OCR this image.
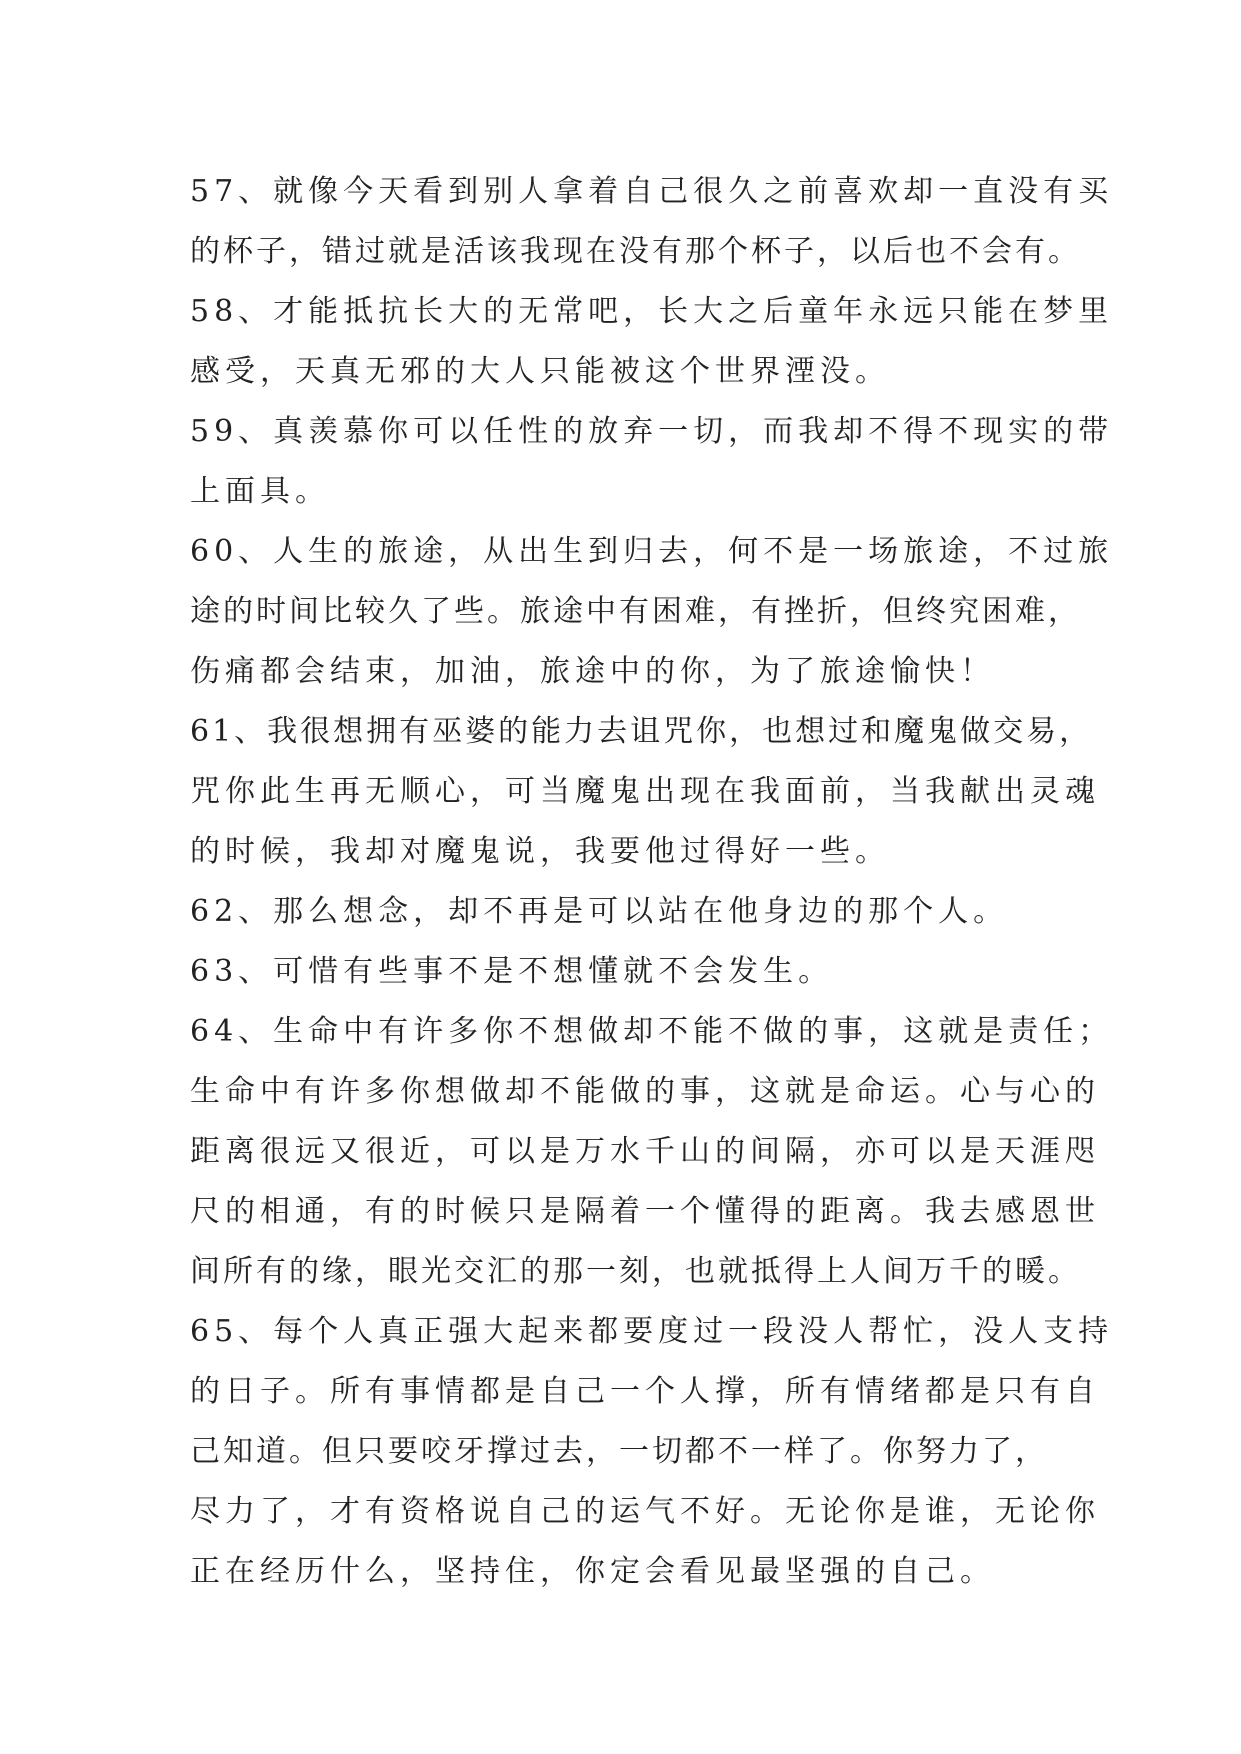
57、就像今天看到别人拿着自己很久之前喜欢却一直没有买
的杯子，错过就是活该我现在没有那个杯子，以后也不会有。
58、才能抵抗长大的无常吧，长大之后童年永远只能在梦里
感受，天真无邪的大人只能被这个世界湮没。
59、真羡慕你可以任性的放弃一切，而我却不得不现实的带
上面具。
60、人生的旅途，从出生到归去，何不是一场旅途，不过旅
途的时间比较久了些。旅途中有困难，有挫折，但终究困难，
伤痛都会结束，加油，旅途中的你，为了旅途愉快！
61、我很想拥有巫婆的能力去诅咒你，也想过和魔鬼做交易，
咒你此生再无顺心，可当魔鬼出现在我面前，当我献出灵魂
的时候，我却对魔鬼说，我要他过得好一些。
62、那么想念，却不再是可以站在他身边的那个人。
63、可惜有些事不是不想懂就不会发生。
64、生命中有许多你不想做却不能不做的事，这就是责任；
生命中有许多你想做却不能做的事，这就是命运。心与心的
距离很远又很近，可以是万水千山的间隔，亦可以是天涯咫
尺的相通，有的时候只是隔着一个懂得的距离。我去感恩世
间所有的缘，眼光交汇的那一刻，也就抵得上人间万千的暖。
65、每个人真正强大起来都要度过一段没人帮忙，没人支持
的日子。所有事情都是自己一个人撑，所有情绪都是只有自
己知道。但只要咬牙撑过去，一切都不一样了。你努力了，
尽力了，才有资格说自己的运气不好。无论你是谁，无论你
正在经历什么，坚持住，你定会看见最坚强的自己。
